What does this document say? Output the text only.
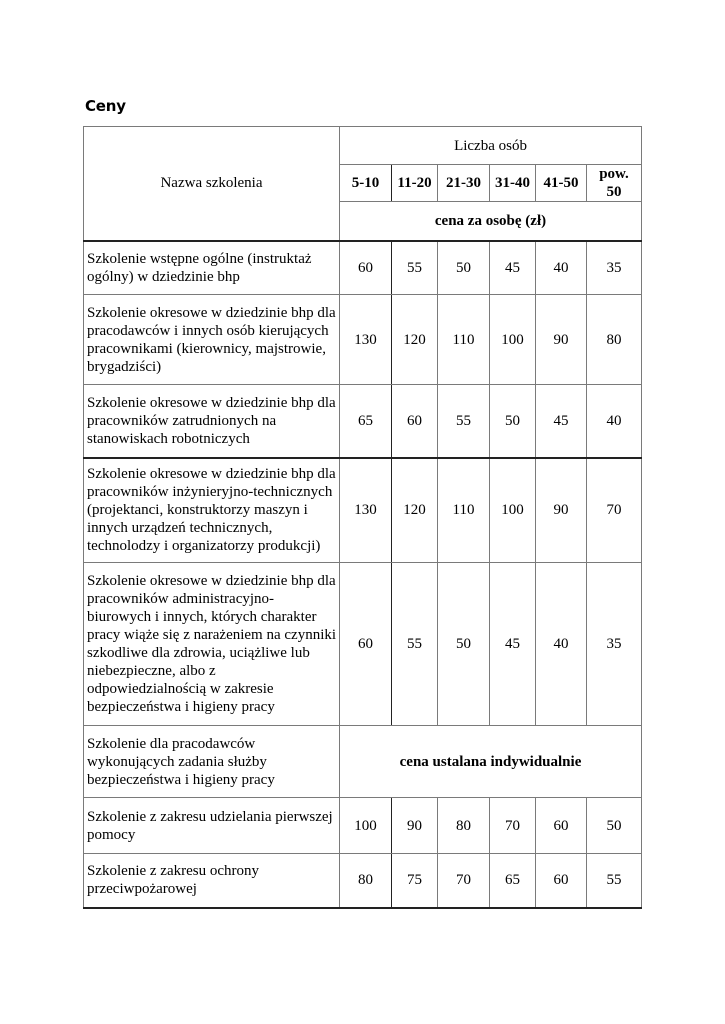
Ceny
Nazwa szkolenia	Liczba osób					
	5-10	11-20	21-30	31-40	41-50	pow. 50
	cena za osobę (zł)					
Szkolenie wstępne ogólne (instruktaż ogólny) w dziedzinie bhp	60	55	50	45	40	35
Szkolenie okresowe w dziedzinie bhp dla pracodawców i innych osób kierujących pracownikami (kierownicy, majstrowie, brygadziści)	130	120	110	100	90	80
Szkolenie okresowe w dziedzinie bhp dla pracowników zatrudnionych na stanowiskach robotniczych	65	60	55	50	45	40
Szkolenie okresowe w dziedzinie bhp dla pracowników inżynieryjno-technicznych (projektanci, konstruktorzy maszyn i innych urządzeń technicznych, technolodzy i organizatorzy produkcji)	130	120	110	100	90	70
Szkolenie okresowe w dziedzinie bhp dla pracowników administracyjno-biurowych i innych, których charakter pracy wiąże się z narażeniem na czynniki szkodliwe dla zdrowia, uciążliwe lub niebezpieczne, albo z odpowiedzialnością w zakresie bezpieczeństwa i higieny pracy	60	55	50	45	40	35
Szkolenie dla pracodawców wykonujących zadania służby bezpieczeństwa i higieny pracy	cena ustalana indywidualnie					
Szkolenie z zakresu udzielania pierwszej pomocy	100	90	80	70	60	50
Szkolenie z zakresu ochrony przeciwpożarowej	80	75	70	65	60	55
